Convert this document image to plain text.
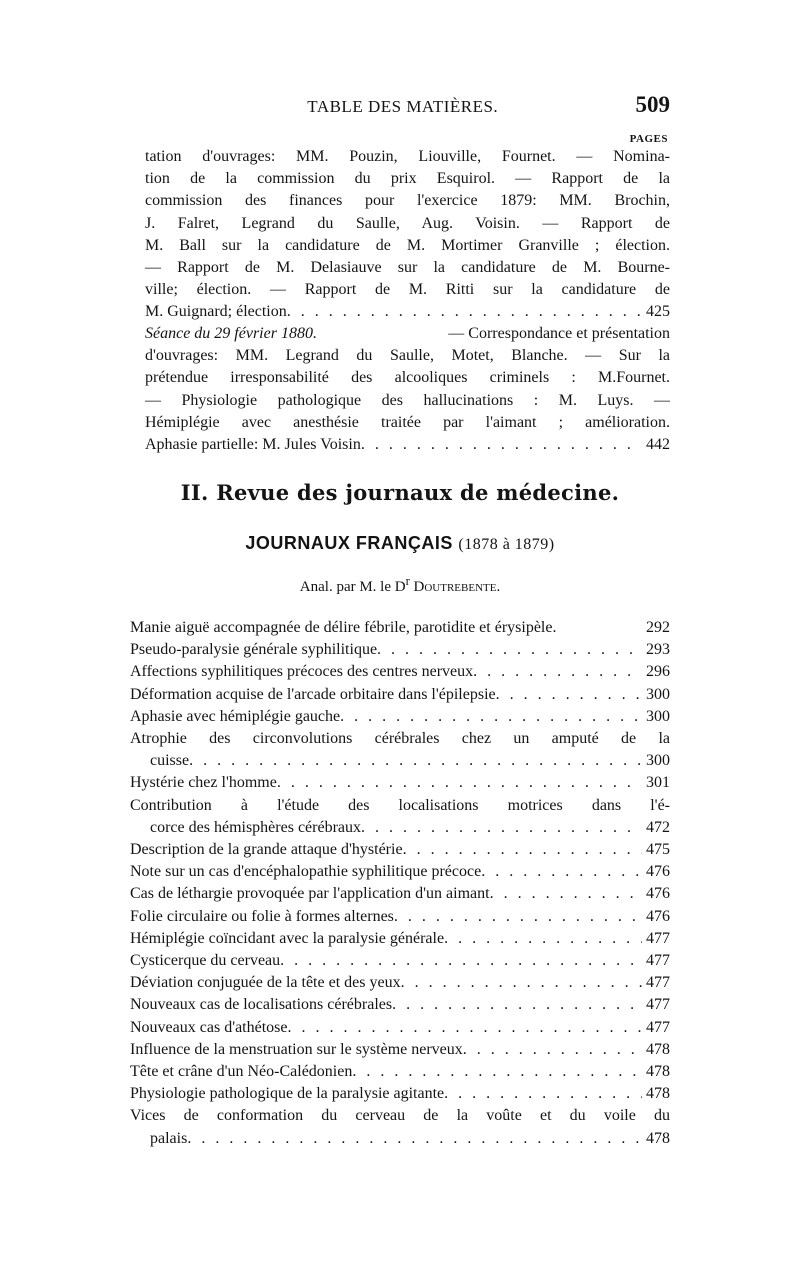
TABLE DES MATIÈRES.	509
PAGES
tation d'ouvrages: MM. Pouzin, Liouville, Fournet. — Nomina-
tion de la commission du prix Esquirol. — Rapport de la
commission des finances pour l'exercice 1879: MM. Brochin,
J. Falret, Legrand du Saulle, Aug. Voisin. — Rapport de
M. Ball sur la candidature de M. Mortimer Granville ; élection.
— Rapport de M. Delasiauve sur la candidature de M. Bourne-
ville; élection. — Rapport de M. Ritti sur la candidature de
M. Guignard; élection . . .	425
Séance du 29 février 1880.	— Correspondance et présentation
d'ouvrages: MM. Legrand du Saulle, Motet, Blanche. — Sur la
prétendue irresponsabilité des alcooliques criminels : M.Fournet.
— Physiologie pathologique des hallucinations : M. Luys. —
Hémiplégie avec anesthésie traitée par l'aimant ; amélioration.
Aphasie partielle: M. Jules Voisin . . .	442
II. Revue des journaux de médecine.
JOURNAUX FRANÇAIS (1878 à 1879)
Anal. par M. le $D^r$ Doutrebente.
Manie aiguë accompagnée de délire fébrile, parotidite et érysipèle.	292
Pseudo-paralysie générale syphilitique . . .	293
Affections syphilitiques précoces des centres nerveux . . .	296
Déformation acquise de l'arcade orbitaire dans l'épilepsie . . .	300
Aphasie avec hémiplégie gauche . . .	300
Atrophie des circonvolutions cérébrales chez un amputé de la
cuisse . . .	300
Hystérie chez l'homme . . .	301
Contribution à l'étude des localisations motrices dans l'é-
corce des hémisphères cérébraux . . .	472
Description de la grande attaque d'hystérie . . .	475
Note sur un cas d'encéphalopathie syphilitique précoce . . .	476
Cas de léthargie provoquée par l'application d'un aimant . . .	476
Folie circulaire ou folie à formes alternes . . .	476
Hémiplégie coïncidant avec la paralysie générale . . .	477
Cysticerque du cerveau . . .	477
Déviation conjuguée de la tête et des yeux . . .	477
Nouveaux cas de localisations cérébrales . . .	477
Nouveaux cas d'athétose . . .	477
Influence de la menstruation sur le système nerveux . . .	478
Tête et crâne d'un Néo-Calédonien . . .	478
Physiologie pathologique de la paralysie agitante . . .	478
Vices de conformation du cerveau de la voûte et du voile du
palais . . .	478
